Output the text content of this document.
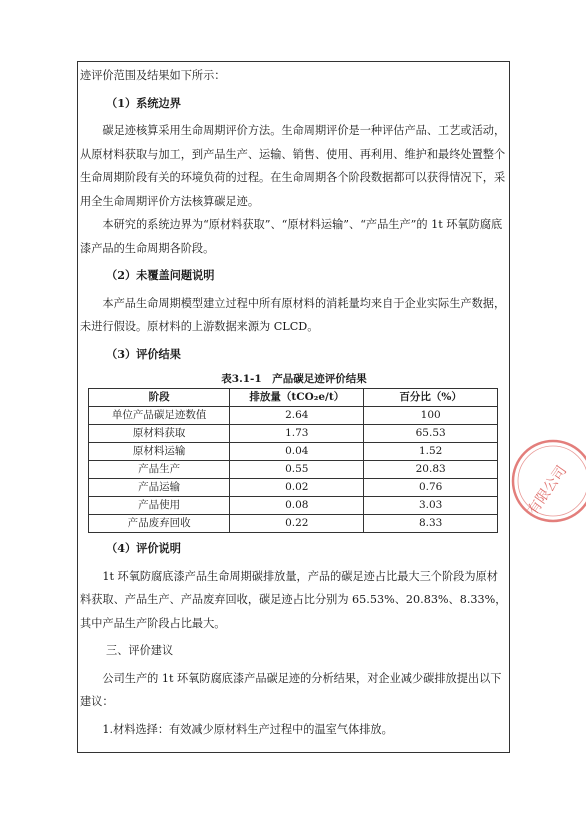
迹评价范围及结果如下所示：

（1）系统边界

碳足迹核算采用生命周期评价方法。生命周期评价是一种评估产品、工艺或活动，从原材料获取与加工，到产品生产、运输、销售、使用、再利用、维护和最终处置整个生命周期阶段有关的环境负荷的过程。在生命周期各个阶段数据都可以获得情况下，采用全生命周期评价方法核算碳足迹。

本研究的系统边界为“原材料获取”、“原材料运输”、“产品生产”的 1t 环氧防腐底漆产品的生命周期各阶段。

（2）未覆盖问题说明

本产品生命周期模型建立过程中所有原材料的消耗量均来自于企业实际生产数据，未进行假设。原材料的上游数据来源为 CLCD。

（3）评价结果

表3.1-1　产品碳足迹评价结果

阶段	排放量（tCO₂e/t）	百分比（%）
单位产品碳足迹数值	2.64	100
原材料获取	1.73	65.53
原材料运输	0.04	1.52
产品生产	0.55	20.83
产品运输	0.02	0.76
产品使用	0.08	3.03
产品废弃回收	0.22	8.33

（4）评价说明

1t 环氧防腐底漆产品生命周期碳排放量，产品的碳足迹占比最大三个阶段为原材料获取、产品生产、产品废弃回收，碳足迹占比分别为 65.53%、20.83%、8.33%，其中产品生产阶段占比最大。

三、评价建议

公司生产的 1t 环氧防腐底漆产品碳足迹的分析结果，对企业减少碳排放提出以下建议：

1.材料选择：有效减少原材料生产过程中的温室气体排放。

有限公司
